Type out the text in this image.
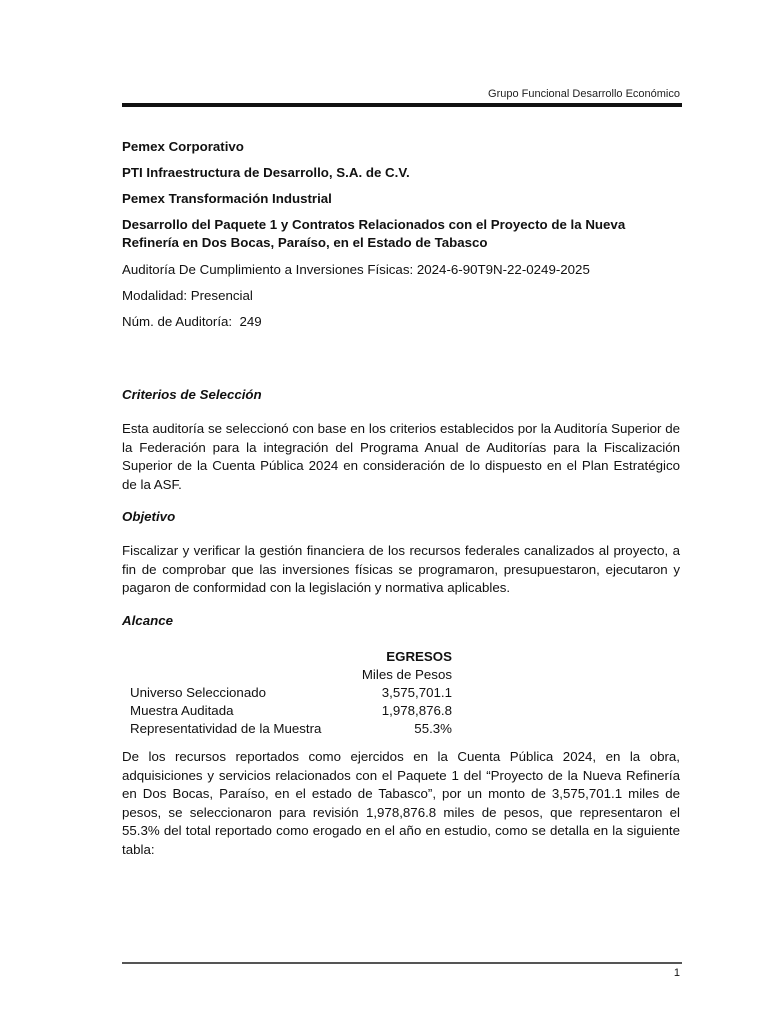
Grupo Funcional Desarrollo Económico

Pemex Corporativo

PTI Infraestructura de Desarrollo, S.A. de C.V.

Pemex Transformación Industrial

Desarrollo del Paquete 1 y Contratos Relacionados con el Proyecto de la Nueva Refinería en Dos Bocas, Paraíso, en el Estado de Tabasco

Auditoría De Cumplimiento a Inversiones Físicas: 2024-6-90T9N-22-0249-2025

Modalidad: Presencial

Núm. de Auditoría:  249

Criterios de Selección

Esta auditoría se seleccionó con base en los criterios establecidos por la Auditoría Superior de la Federación para la integración del Programa Anual de Auditorías para la Fiscalización Superior de la Cuenta Pública 2024 en consideración de lo dispuesto en el Plan Estratégico de la ASF.

Objetivo

Fiscalizar y verificar la gestión financiera de los recursos federales canalizados al proyecto, a fin de comprobar que las inversiones físicas se programaron, presupuestaron, ejecutaron y pagaron de conformidad con la legislación y normativa aplicables.

Alcance

EGRESOS
Miles de Pesos
Universo Seleccionado	3,575,701.1
Muestra Auditada	1,978,876.8
Representatividad de la Muestra	55.3%

De los recursos reportados como ejercidos en la Cuenta Pública 2024, en la obra, adquisiciones y servicios relacionados con el Paquete 1 del “Proyecto de la Nueva Refinería en Dos Bocas, Paraíso, en el estado de Tabasco”, por un monto de 3,575,701.1 miles de pesos, se seleccionaron para revisión 1,978,876.8 miles de pesos, que representaron el 55.3% del total reportado como erogado en el año en estudio, como se detalla en la siguiente tabla:

1
